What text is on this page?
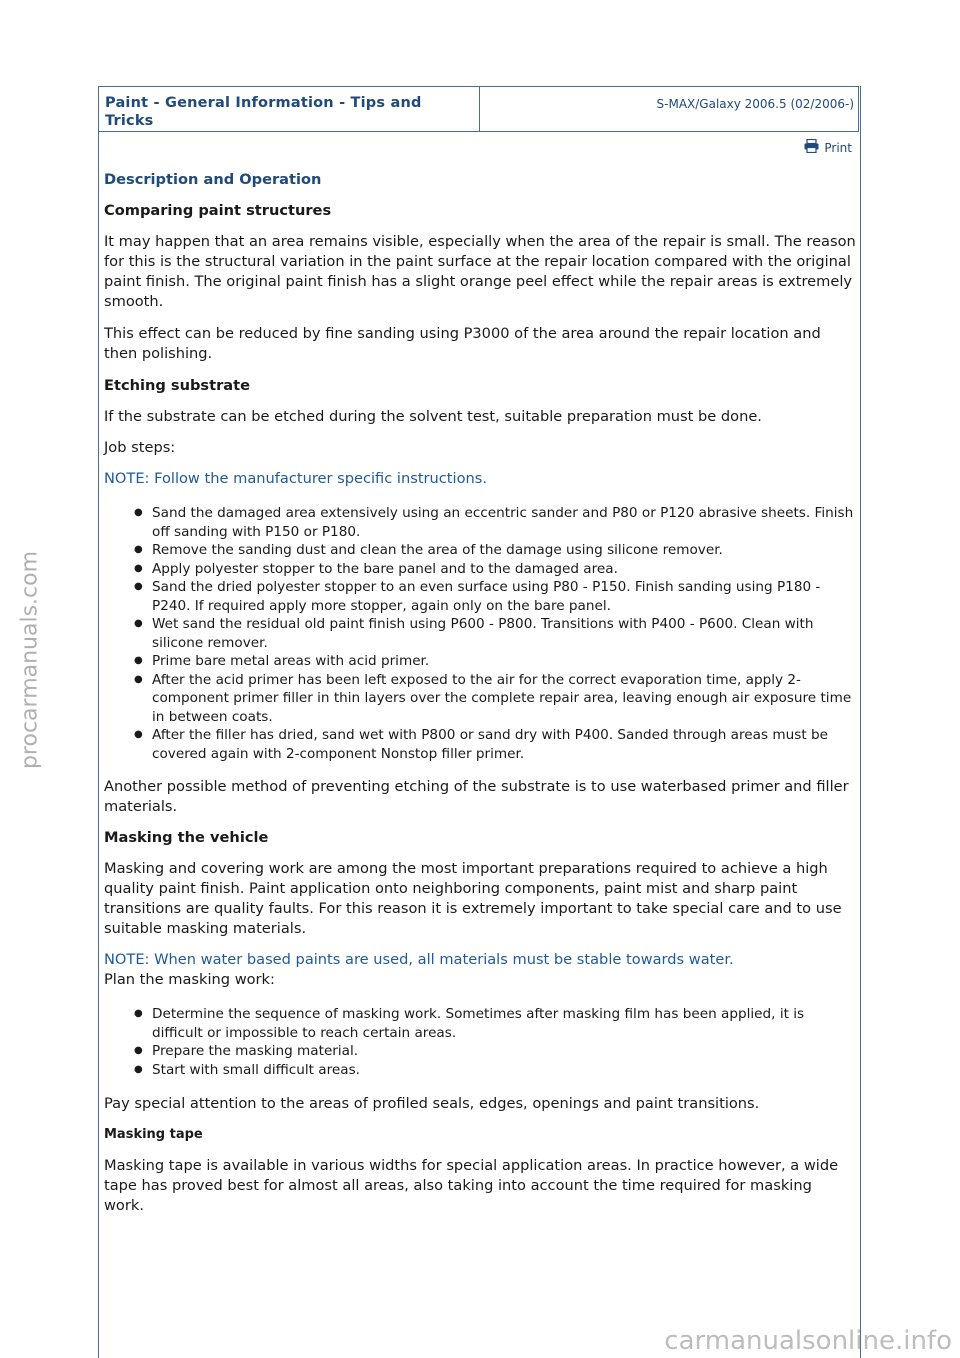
Paint - General Information - Tips and Tricks
S-MAX/Galaxy 2006.5 (02/2006-)
Print

Description and Operation

Comparing paint structures

It may happen that an area remains visible, especially when the area of the repair is small. The reason for this is the structural variation in the paint surface at the repair location compared with the original paint finish. The original paint finish has a slight orange peel effect while the repair areas is extremely smooth.

This effect can be reduced by fine sanding using P3000 of the area around the repair location and then polishing.

Etching substrate

If the substrate can be etched during the solvent test, suitable preparation must be done.

Job steps:

NOTE: Follow the manufacturer specific instructions.

● Sand the damaged area extensively using an eccentric sander and P80 or P120 abrasive sheets. Finish off sanding with P150 or P180.
● Remove the sanding dust and clean the area of the damage using silicone remover.
● Apply polyester stopper to the bare panel and to the damaged area.
● Sand the dried polyester stopper to an even surface using P80 - P150. Finish sanding using P180 - P240. If required apply more stopper, again only on the bare panel.
● Wet sand the residual old paint finish using P600 - P800. Transitions with P400 - P600. Clean with silicone remover.
● Prime bare metal areas with acid primer.
● After the acid primer has been left exposed to the air for the correct evaporation time, apply 2-component primer filler in thin layers over the complete repair area, leaving enough air exposure time in between coats.
● After the filler has dried, sand wet with P800 or sand dry with P400. Sanded through areas must be covered again with 2-component Nonstop filler primer.

Another possible method of preventing etching of the substrate is to use waterbased primer and filler materials.

Masking the vehicle

Masking and covering work are among the most important preparations required to achieve a high quality paint finish. Paint application onto neighboring components, paint mist and sharp paint transitions are quality faults. For this reason it is extremely important to take special care and to use suitable masking materials.

NOTE: When water based paints are used, all materials must be stable towards water.

Plan the masking work:

● Determine the sequence of masking work. Sometimes after masking film has been applied, it is difficult or impossible to reach certain areas.
● Prepare the masking material.
● Start with small difficult areas.

Pay special attention to the areas of profiled seals, edges, openings and paint transitions.

Masking tape

Masking tape is available in various widths for special application areas. In practice however, a wide tape has proved best for almost all areas, also taking into account the time required for masking work.

procarmanuals.com
carmanualsonline.info
